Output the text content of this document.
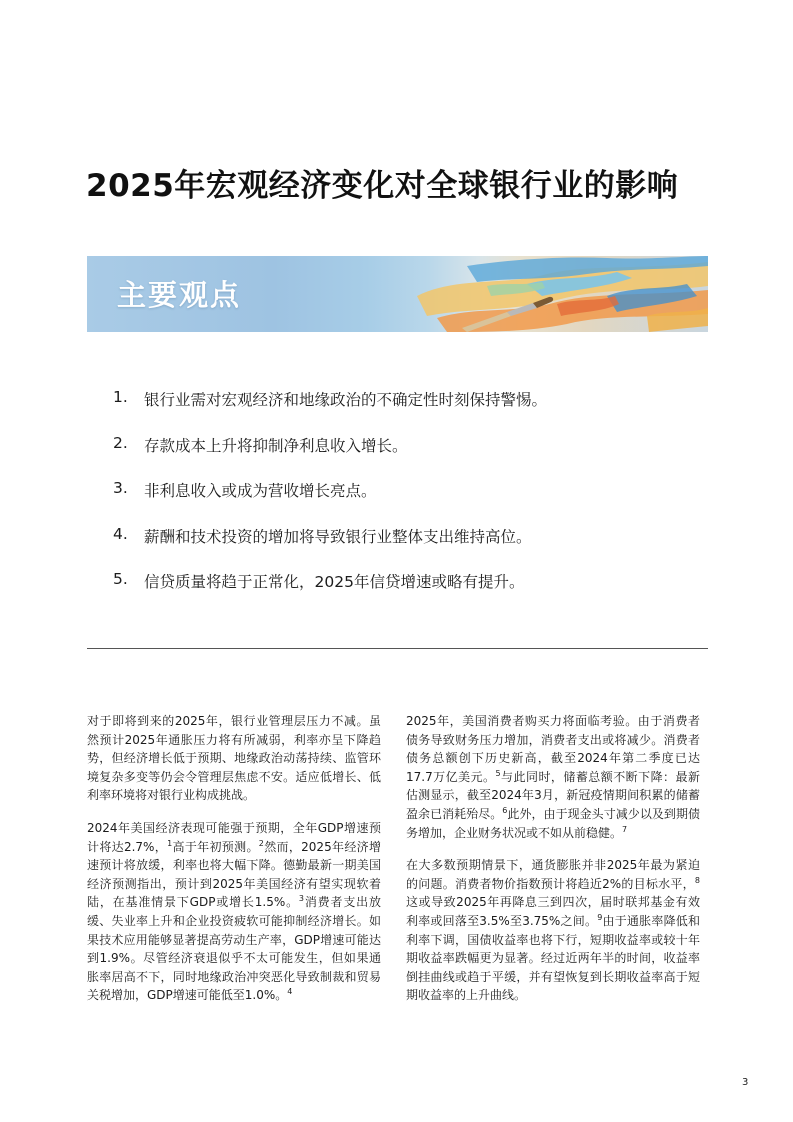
2025年宏观经济变化对全球银行业的影响
主要观点
1.	银行业需对宏观经济和地缘政治的不确定性时刻保持警惕。
2.	存款成本上升将抑制净利息收入增长。
3.	非利息收入或成为营收增长亮点。
4.	薪酬和技术投资的增加将导致银行业整体支出维持高位。
5.	信贷质量将趋于正常化，2025年信贷增速或略有提升。

对于即将到来的2025年，银行业管理层压力不减。虽然预计2025年通胀压力将有所减弱，利率亦呈下降趋势，但经济增长低于预期、地缘政治动荡持续、监管环境复杂多变等仍会令管理层焦虑不安。适应低增长、低利率环境将对银行业构成挑战。

2024年美国经济表现可能强于预期，全年GDP增速预计将达2.7%，$^1$高于年初预测。$^2$然而，2025年经济增速预计将放缓，利率也将大幅下降。德勤最新一期美国经济预测指出，预计到2025年美国经济有望实现软着陆，在基准情景下GDP或增长1.5%。$^3$消费者支出放缓、失业率上升和企业投资疲软可能抑制经济增长。如果技术应用能够显著提高劳动生产率，GDP增速可能达到1.9%。尽管经济衰退似乎不太可能发生，但如果通胀率居高不下，同时地缘政治冲突恶化导致制裁和贸易关税增加，GDP增速可能低至1.0%。$^4$

2025年，美国消费者购买力将面临考验。由于消费者债务导致财务压力增加，消费者支出或将减少。消费者债务总额创下历史新高，截至2024年第二季度已达17.7万亿美元。$^5$与此同时，储蓄总额不断下降：最新估测显示，截至2024年3月，新冠疫情期间积累的储蓄盈余已消耗殆尽。$^6$此外，由于现金头寸减少以及到期债务增加，企业财务状况或不如从前稳健。$^7$

在大多数预期情景下，通货膨胀并非2025年最为紧迫的问题。消费者物价指数预计将趋近2%的目标水平，$^8$这或导致2025年再降息三到四次，届时联邦基金有效利率或回落至3.5%至3.75%之间。$^9$由于通胀率降低和利率下调，国债收益率也将下行，短期收益率或较十年期收益率跌幅更为显著。经过近两年半的时间，收益率倒挂曲线或趋于平缓，并有望恢复到长期收益率高于短期收益率的上升曲线。

3
